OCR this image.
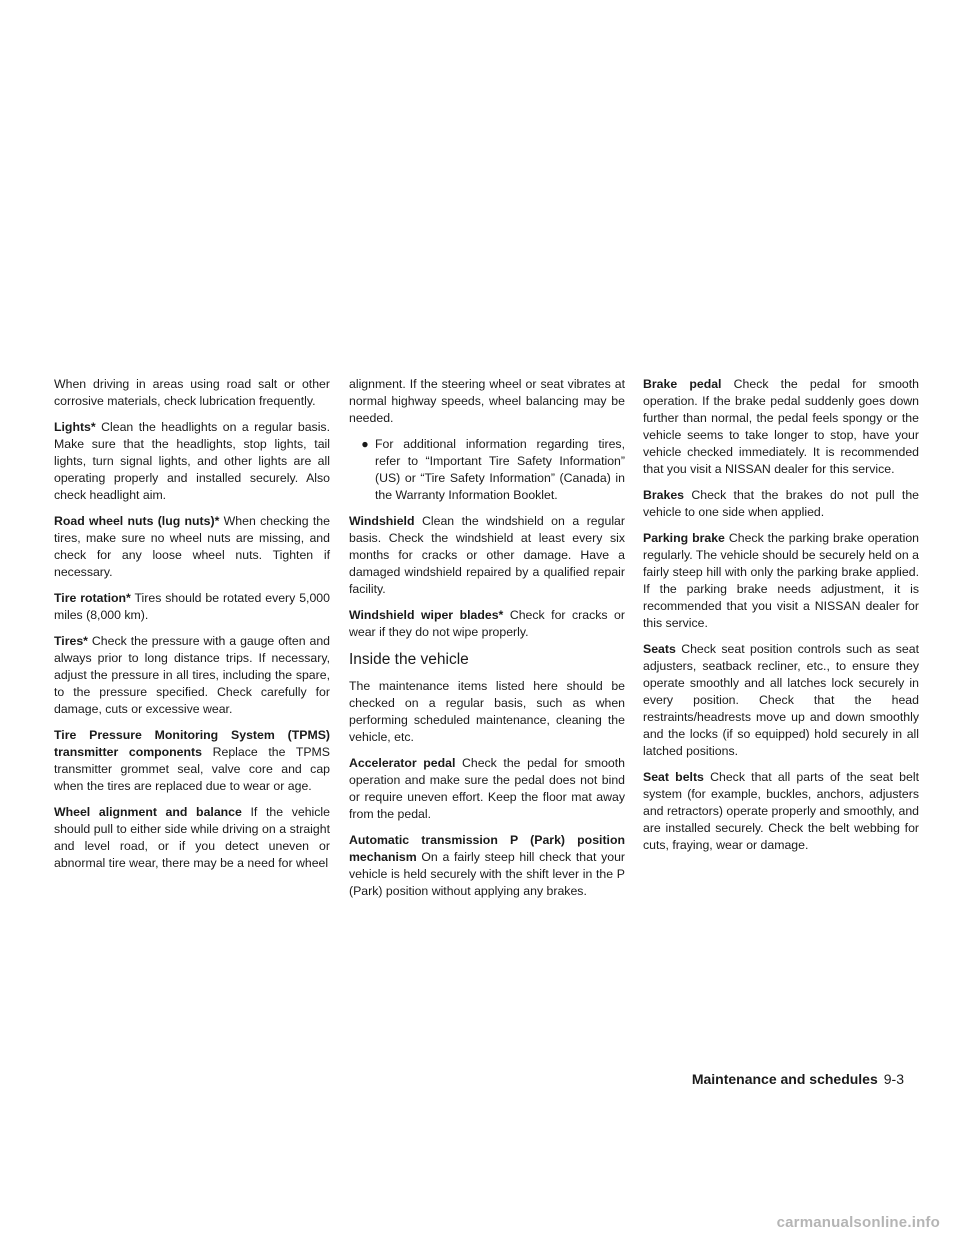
When driving in areas using road salt or other corrosive materials, check lubrication frequently.

Lights* Clean the headlights on a regular basis. Make sure that the headlights, stop lights, tail lights, turn signal lights, and other lights are all operating properly and installed securely. Also check headlight aim.

Road wheel nuts (lug nuts)* When checking the tires, make sure no wheel nuts are missing, and check for any loose wheel nuts. Tighten if necessary.

Tire rotation* Tires should be rotated every 5,000 miles (8,000 km).

Tires* Check the pressure with a gauge often and always prior to long distance trips. If necessary, adjust the pressure in all tires, including the spare, to the pressure specified. Check carefully for damage, cuts or excessive wear.

Tire Pressure Monitoring System (TPMS) transmitter components Replace the TPMS transmitter grommet seal, valve core and cap when the tires are replaced due to wear or age.

Wheel alignment and balance If the vehicle should pull to either side while driving on a straight and level road, or if you detect uneven or abnormal tire wear, there may be a need for wheel

alignment. If the steering wheel or seat vibrates at normal highway speeds, wheel balancing may be needed.

● For additional information regarding tires, refer to “Important Tire Safety Information” (US) or “Tire Safety Information” (Canada) in the Warranty Information Booklet.

Windshield Clean the windshield on a regular basis. Check the windshield at least every six months for cracks or other damage. Have a damaged windshield repaired by a qualified repair facility.

Windshield wiper blades* Check for cracks or wear if they do not wipe properly.

Inside the vehicle

The maintenance items listed here should be checked on a regular basis, such as when performing scheduled maintenance, cleaning the vehicle, etc.

Accelerator pedal Check the pedal for smooth operation and make sure the pedal does not bind or require uneven effort. Keep the floor mat away from the pedal.

Automatic transmission P (Park) position mechanism On a fairly steep hill check that your vehicle is held securely with the shift lever in the P (Park) position without applying any brakes.

Brake pedal Check the pedal for smooth operation. If the brake pedal suddenly goes down further than normal, the pedal feels spongy or the vehicle seems to take longer to stop, have your vehicle checked immediately. It is recommended that you visit a NISSAN dealer for this service.

Brakes Check that the brakes do not pull the vehicle to one side when applied.

Parking brake Check the parking brake operation regularly. The vehicle should be securely held on a fairly steep hill with only the parking brake applied. If the parking brake needs adjustment, it is recommended that you visit a NISSAN dealer for this service.

Seats Check seat position controls such as seat adjusters, seatback recliner, etc., to ensure they operate smoothly and all latches lock securely in every position. Check that the head restraints/headrests move up and down smoothly and the locks (if so equipped) hold securely in all latched positions.

Seat belts Check that all parts of the seat belt system (for example, buckles, anchors, adjusters and retractors) operate properly and smoothly, and are installed securely. Check the belt webbing for cuts, fraying, wear or damage.

Maintenance and schedules 9-3
carmanualsonline.info
